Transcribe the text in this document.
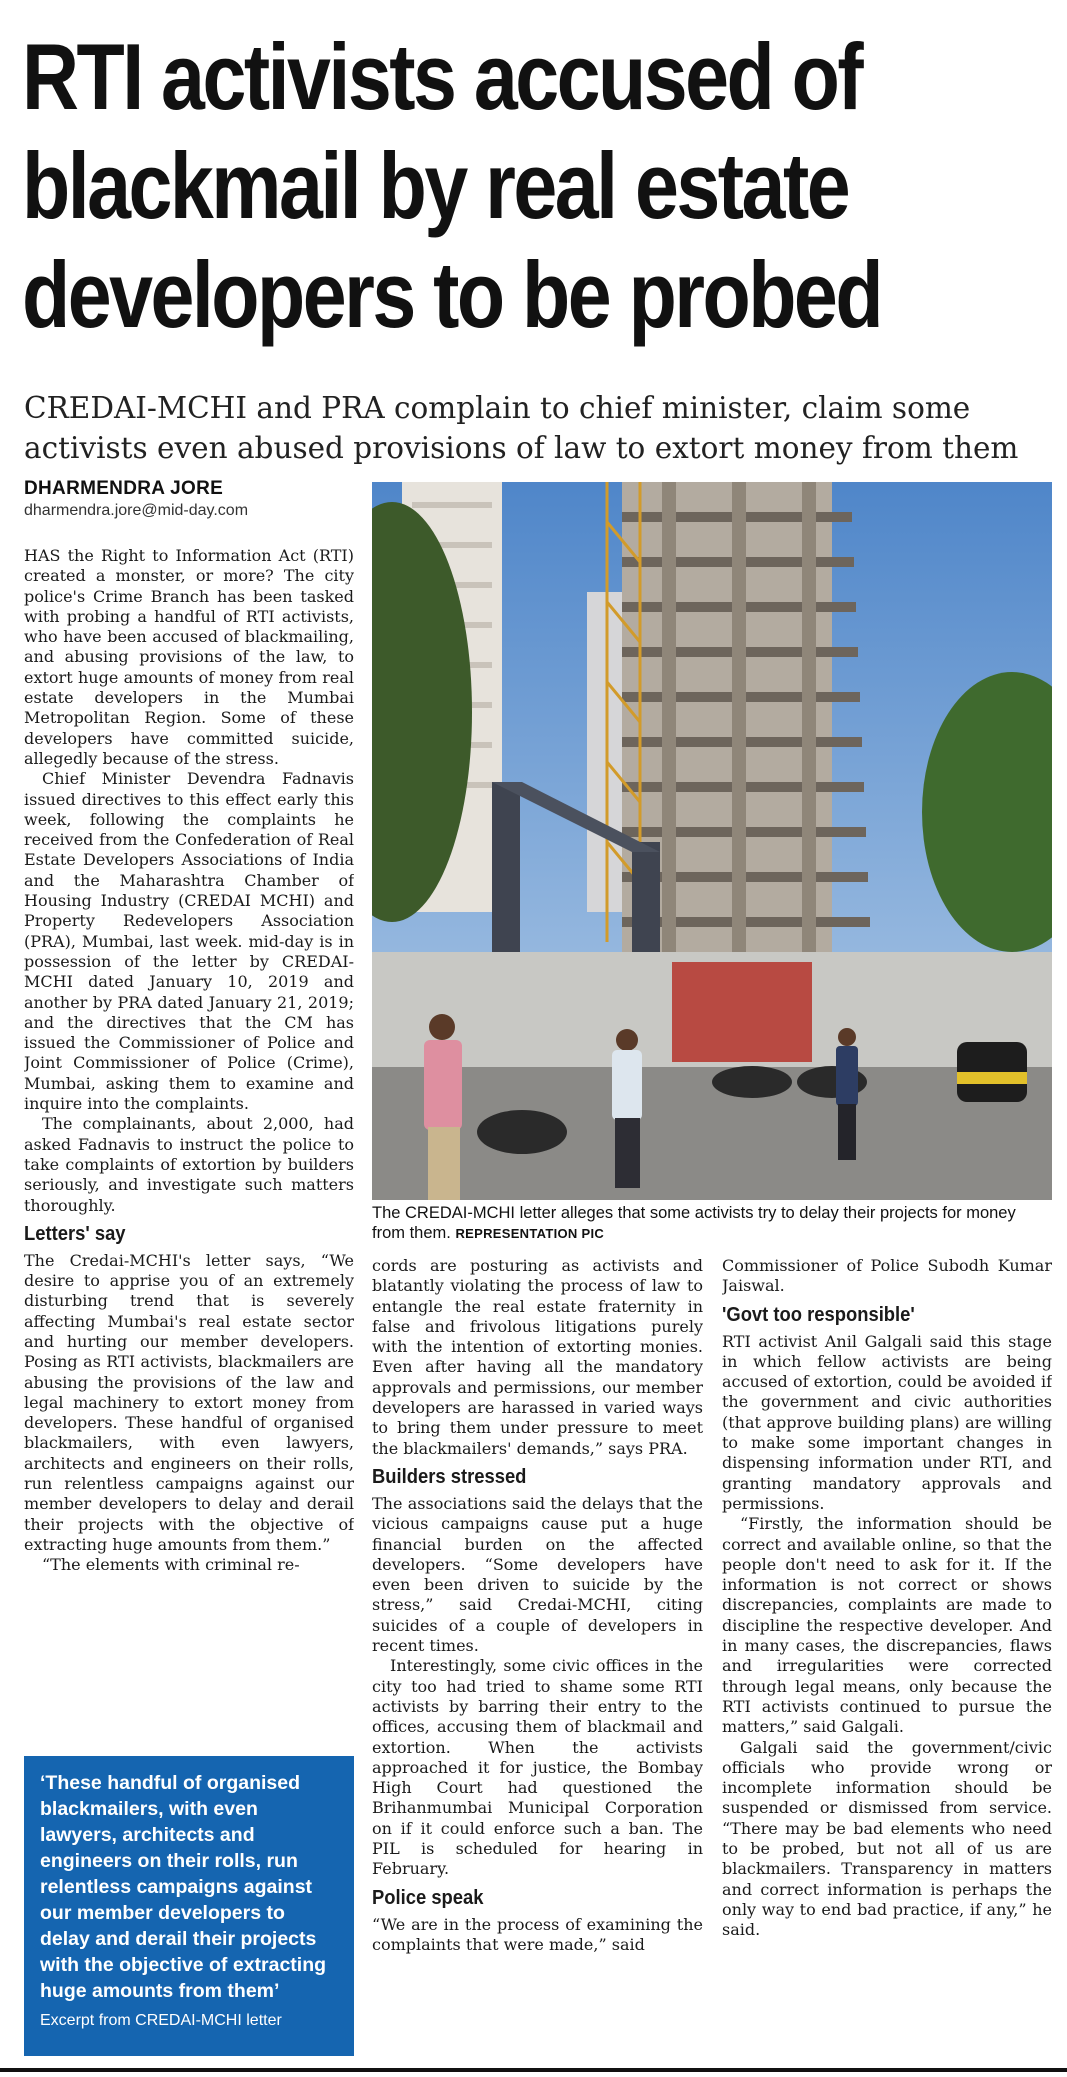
RTI activists accused of blackmail by real estate developers to be probed

CREDAI-MCHI and PRA complain to chief minister, claim some activists even abused provisions of law to extort money from them

DHARMENDRA JORE
dharmendra.jore@mid-day.com

HAS the Right to Information Act (RTI) created a monster, or more? The city police's Crime Branch has been tasked with probing a handful of RTI activists, who have been accused of blackmailing, and abusing provisions of the law, to extort huge amounts of money from real estate developers in the Mumbai Metropolitan Region. Some of these developers have committed suicide, allegedly because of the stress.

Chief Minister Devendra Fadnavis issued directives to this effect early this week, following the complaints he received from the Confederation of Real Estate Developers Associations of India and the Maharashtra Chamber of Housing Industry (CREDAI MCHI) and Property Redevelopers Association (PRA), Mumbai, last week. mid-day is in possession of the letter by CREDAI-MCHI dated January 10, 2019 and another by PRA dated January 21, 2019; and the directives that the CM has issued the Commissioner of Police and Joint Commissioner of Police (Crime), Mumbai, asking them to examine and inquire into the complaints.

The complainants, about 2,000, had asked Fadnavis to instruct the police to take complaints of extortion by builders seriously, and investigate such matters thoroughly.

Letters' say

The Credai-MCHI's letter says, “We desire to apprise you of an extremely disturbing trend that is severely affecting Mumbai's real estate sector and hurting our member developers. Posing as RTI activists, blackmailers are abusing the provisions of the law and legal machinery to extort money from developers. These handful of organised blackmailers, with even lawyers, architects and engineers on their rolls, run relentless campaigns against our member developers to delay and derail their projects with the objective of extracting huge amounts from them.”

“The elements with criminal re-

The CREDAI-MCHI letter alleges that some activists try to delay their projects for money from them. REPRESENTATION PIC

cords are posturing as activists and blatantly violating the process of law to entangle the real estate fraternity in false and frivolous litigations purely with the intention of extorting monies. Even after having all the mandatory approvals and permissions, our member developers are harassed in varied ways to bring them under pressure to meet the blackmailers' demands,” says PRA.

Builders stressed

The associations said the delays that the vicious campaigns cause put a huge financial burden on the affected developers. “Some developers have even been driven to suicide by the stress,” said Credai-MCHI, citing suicides of a couple of developers in recent times.

Interestingly, some civic offices in the city too had tried to shame some RTI activists by barring their entry to the offices, accusing them of blackmail and extortion. When the activists approached it for justice, the Bombay High Court had questioned the Brihanmumbai Municipal Corporation on if it could enforce such a ban. The PIL is scheduled for hearing in February.

Police speak

“We are in the process of examining the complaints that were made,” said

Commissioner of Police Subodh Kumar Jaiswal.

'Govt too responsible'

RTI activist Anil Galgali said this stage in which fellow activists are being accused of extortion, could be avoided if the government and civic authorities (that approve building plans) are willing to make some important changes in dispensing information under RTI, and granting mandatory approvals and permissions.

“Firstly, the information should be correct and available online, so that the people don't need to ask for it. If the information is not correct or shows discrepancies, complaints are made to discipline the respective developer. And in many cases, the discrepancies, flaws and irregularities were corrected through legal means, only because the RTI activists continued to pursue the matters,” said Galgali.

Galgali said the government/civic officials who provide wrong or incomplete information should be suspended or dismissed from service. “There may be bad elements who need to be probed, but not all of us are blackmailers. Transparency in matters and correct information is perhaps the only way to end bad practice, if any,” he said.

‘These handful of organised blackmailers, with even lawyers, architects and engineers on their rolls, run relentless campaigns against our member developers to delay and derail their projects with the objective of extracting huge amounts from them’
Excerpt from CREDAI-MCHI letter
